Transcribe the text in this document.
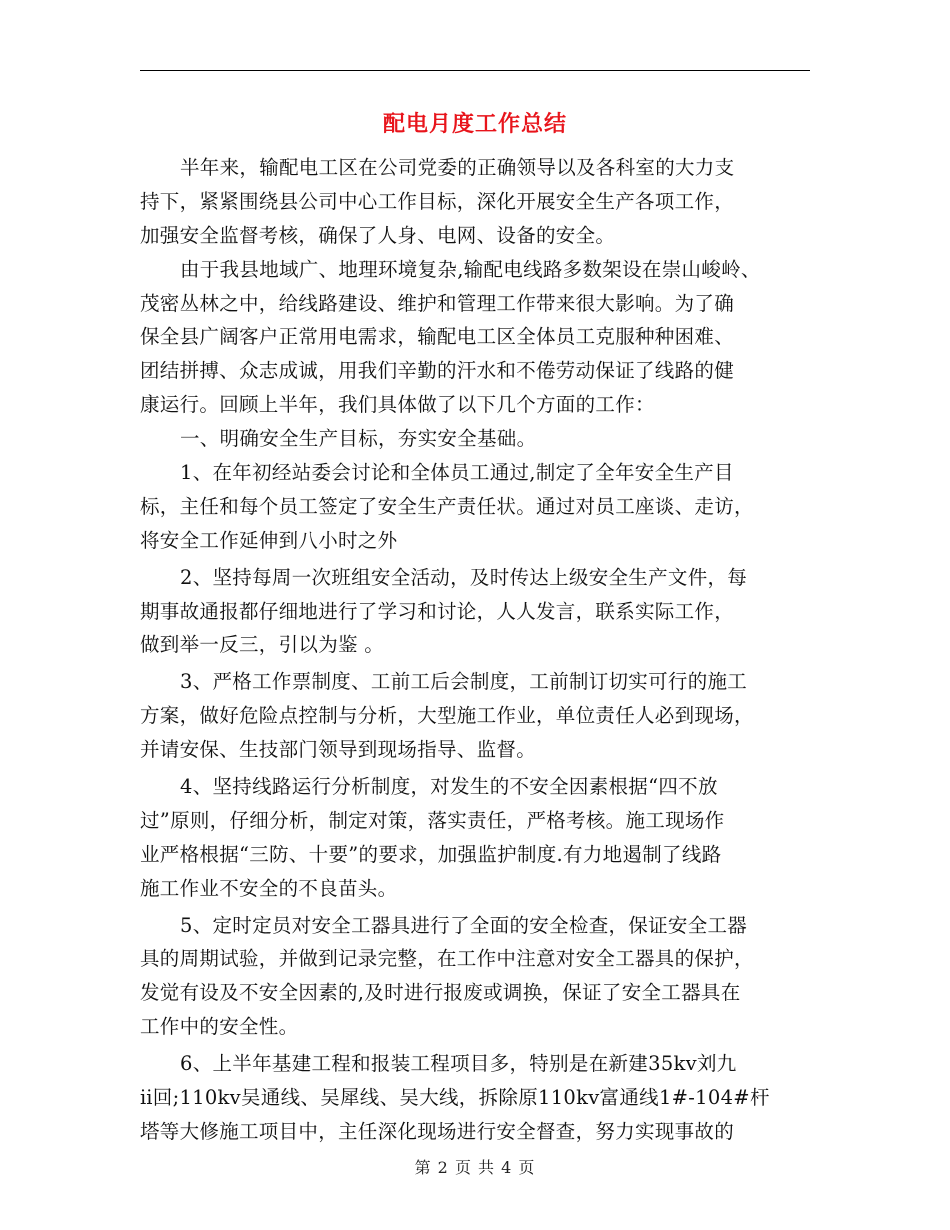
配电月度工作总结
半年来，输配电工区在公司党委的正确领导以及各科室的大力支
持下，紧紧围绕县公司中心工作目标，深化开展安全生产各项工作，
加强安全监督考核，确保了人身、电网、设备的安全。
由于我县地域广、地理环境复杂,输配电线路多数架设在崇山峻岭、
茂密丛林之中，给线路建设、维护和管理工作带来很大影响。为了确
保全县广阔客户正常用电需求，输配电工区全体员工克服种种困难、
团结拼搏、众志成诚，用我们辛勤的汗水和不倦劳动保证了线路的健
康运行。回顾上半年，我们具体做了以下几个方面的工作：
一、明确安全生产目标，夯实安全基础。
1、在年初经站委会讨论和全体员工通过,制定了全年安全生产目
标，主任和每个员工签定了安全生产责任状。通过对员工座谈、走访，
将安全工作延伸到八小时之外
2、坚持每周一次班组安全活动，及时传达上级安全生产文件，每
期事故通报都仔细地进行了学习和讨论，人人发言，联系实际工作，
做到举一反三，引以为鉴 。
3、严格工作票制度、工前工后会制度，工前制订切实可行的施工
方案，做好危险点控制与分析，大型施工作业，单位责任人必到现场，
并请安保、生技部门领导到现场指导、监督。
4、坚持线路运行分析制度，对发生的不安全因素根据“四不放
过”原则，仔细分析，制定对策，落实责任，严格考核。施工现场作
业严格根据“三防、十要”的要求，加强监护制度.有力地遏制了线路
施工作业不安全的不良苗头。
5、定时定员对安全工器具进行了全面的安全检查，保证安全工器
具的周期试验，并做到记录完整，在工作中注意对安全工器具的保护，
发觉有设及不安全因素的,及时进行报废或调换，保证了安全工器具在
工作中的安全性。
6、上半年基建工程和报装工程项目多，特别是在新建35kv刘九
ⅱ回;110kv吴通线、吴犀线、吴大线，拆除原110kv富通线1#-104#杆
塔等大修施工项目中，主任深化现场进行安全督查，努力实现事故的
第 2 页 共 4 页
